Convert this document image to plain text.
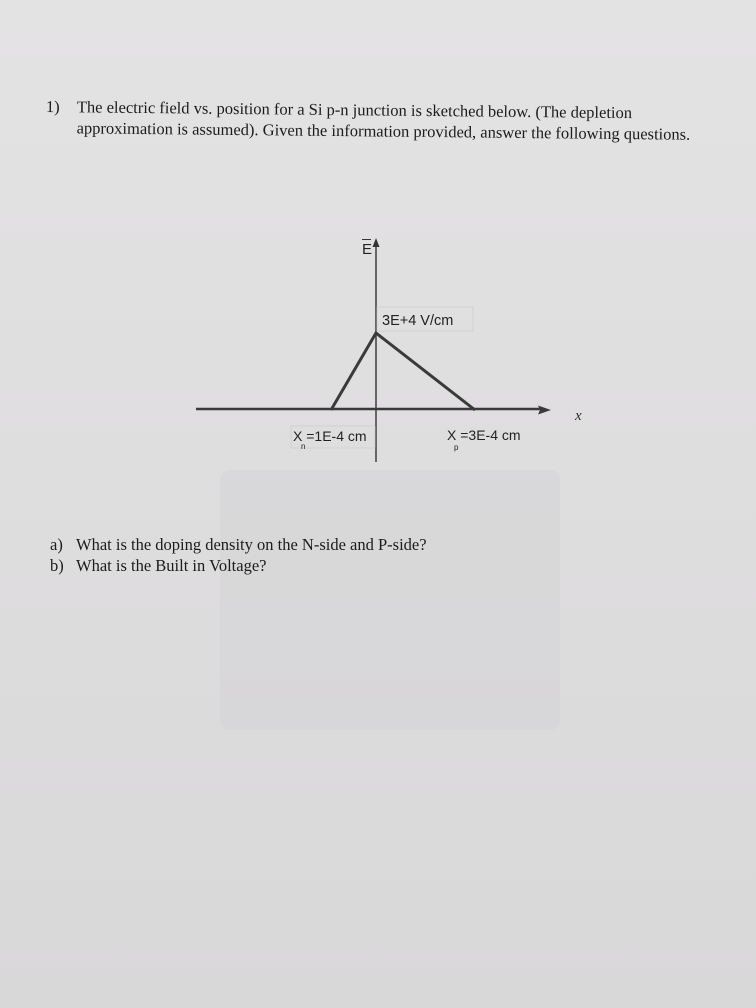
1) The electric field vs. position for a Si p-n junction is sketched below. (The depletion approximation is assumed). Given the information provided, answer the following questions.
E
x
3E+4 V/cm
X =1E-4 cm
n
X =3E-4 cm
p
a) What is the doping density on the N-side and P-side?
b) What is the Built in Voltage?
